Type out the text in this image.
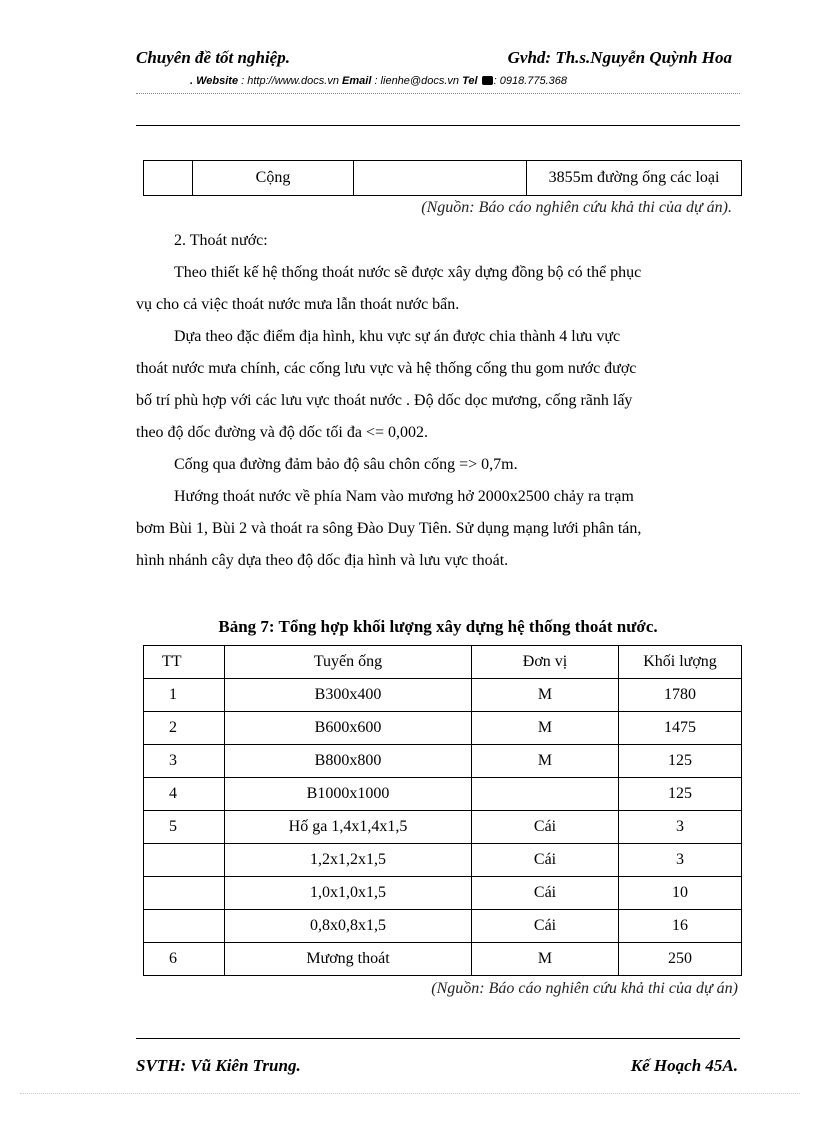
Chuyên đề tốt nghiệp.	Gvhd: Th.s.Nguyễn Quỳnh Hoa
. Website : http://www.docs.vn Email : lienhe@docs.vn Tel : 0918.775.368
	Cộng		3855m đường ống các loại
(Nguồn: Báo cáo nghiên cứu khả thi của dự án).
2. Thoát nước:
Theo thiết kế hệ thống thoát nước sẽ được xây dựng đồng bộ có thể phục
vụ cho cả việc thoát nước mưa lẫn thoát nước bẩn.
Dựa theo đặc điểm địa hình, khu vực sự án được chia thành 4 lưu vực
thoát nước mưa chính, các cống lưu vực và hệ thống cống thu gom nước được
bố trí phù hợp với các lưu vực thoát nước . Độ dốc dọc mương, cống rãnh lấy
theo độ dốc đường và độ dốc tối đa <= 0,002.
Cống qua đường đảm bảo độ sâu chôn cống => 0,7m.
Hướng thoát nước về phía Nam vào mương hở 2000x2500 chảy ra trạm
bơm Bùi 1, Bùi 2 và thoát ra sông Đào Duy Tiên. Sử dụng mạng lưới phân tán,
hình nhánh cây dựa theo độ dốc địa hình và lưu vực thoát.
Bảng 7: Tổng hợp khối lượng xây dựng hệ thống thoát nước.
TT	Tuyến ống	Đơn vị	Khối lượng
1	B300x400	M	1780
2	B600x600	M	1475
3	B800x800	M	125
4	B1000x1000		125
5	Hố ga 1,4x1,4x1,5	Cái	3
	1,2x1,2x1,5	Cái	3
	1,0x1,0x1,5	Cái	10
	0,8x0,8x1,5	Cái	16
6	Mương thoát	M	250
(Nguồn: Báo cáo nghiên cứu khả thi của dự án)
SVTH: Vũ Kiên Trung.	Kế Hoạch 45A.
